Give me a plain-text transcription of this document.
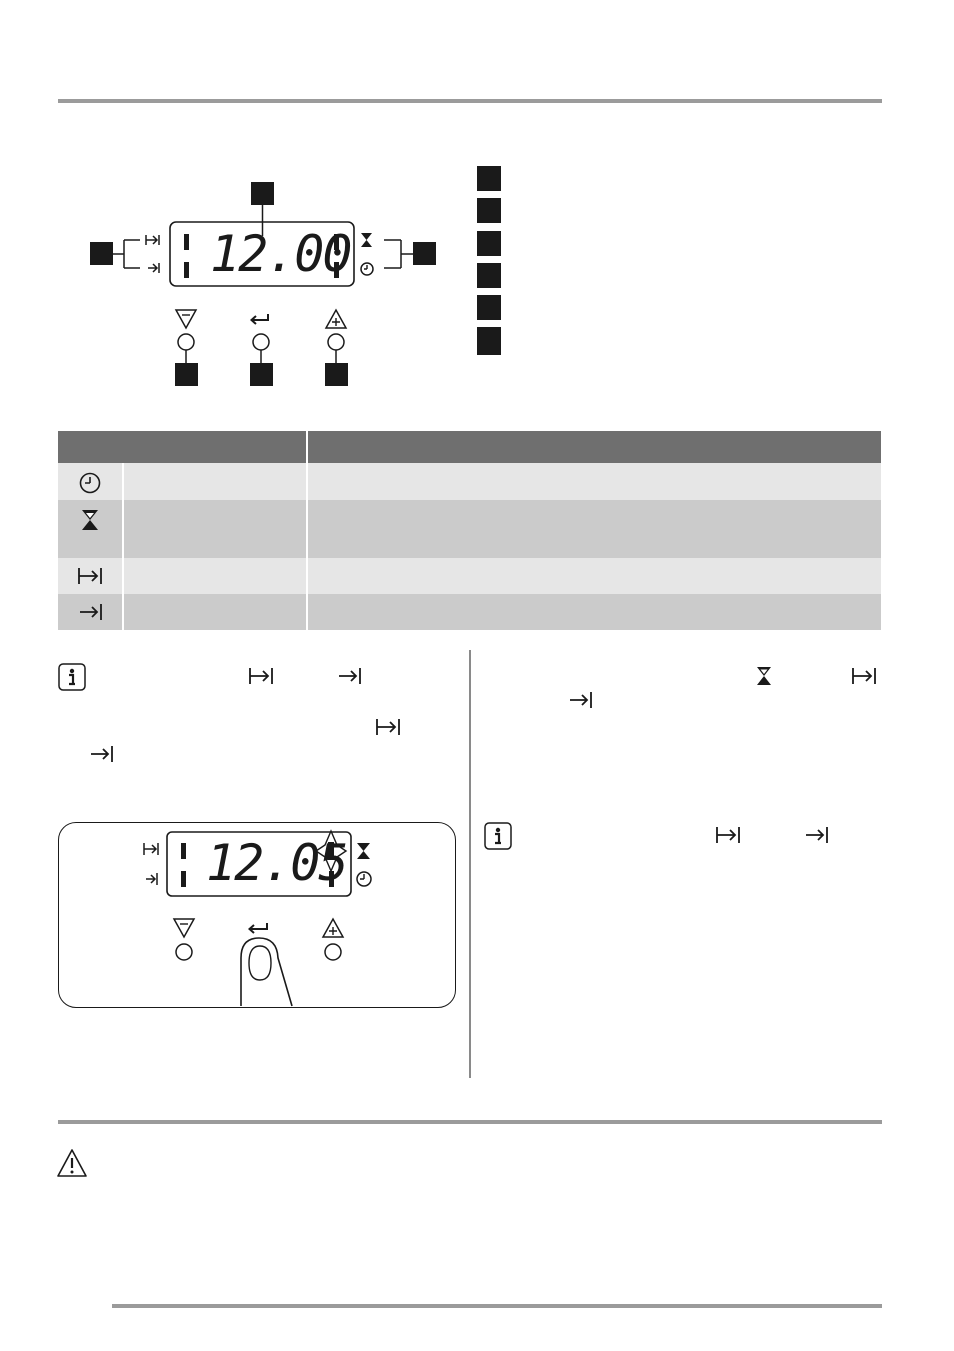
12.00
12.05
